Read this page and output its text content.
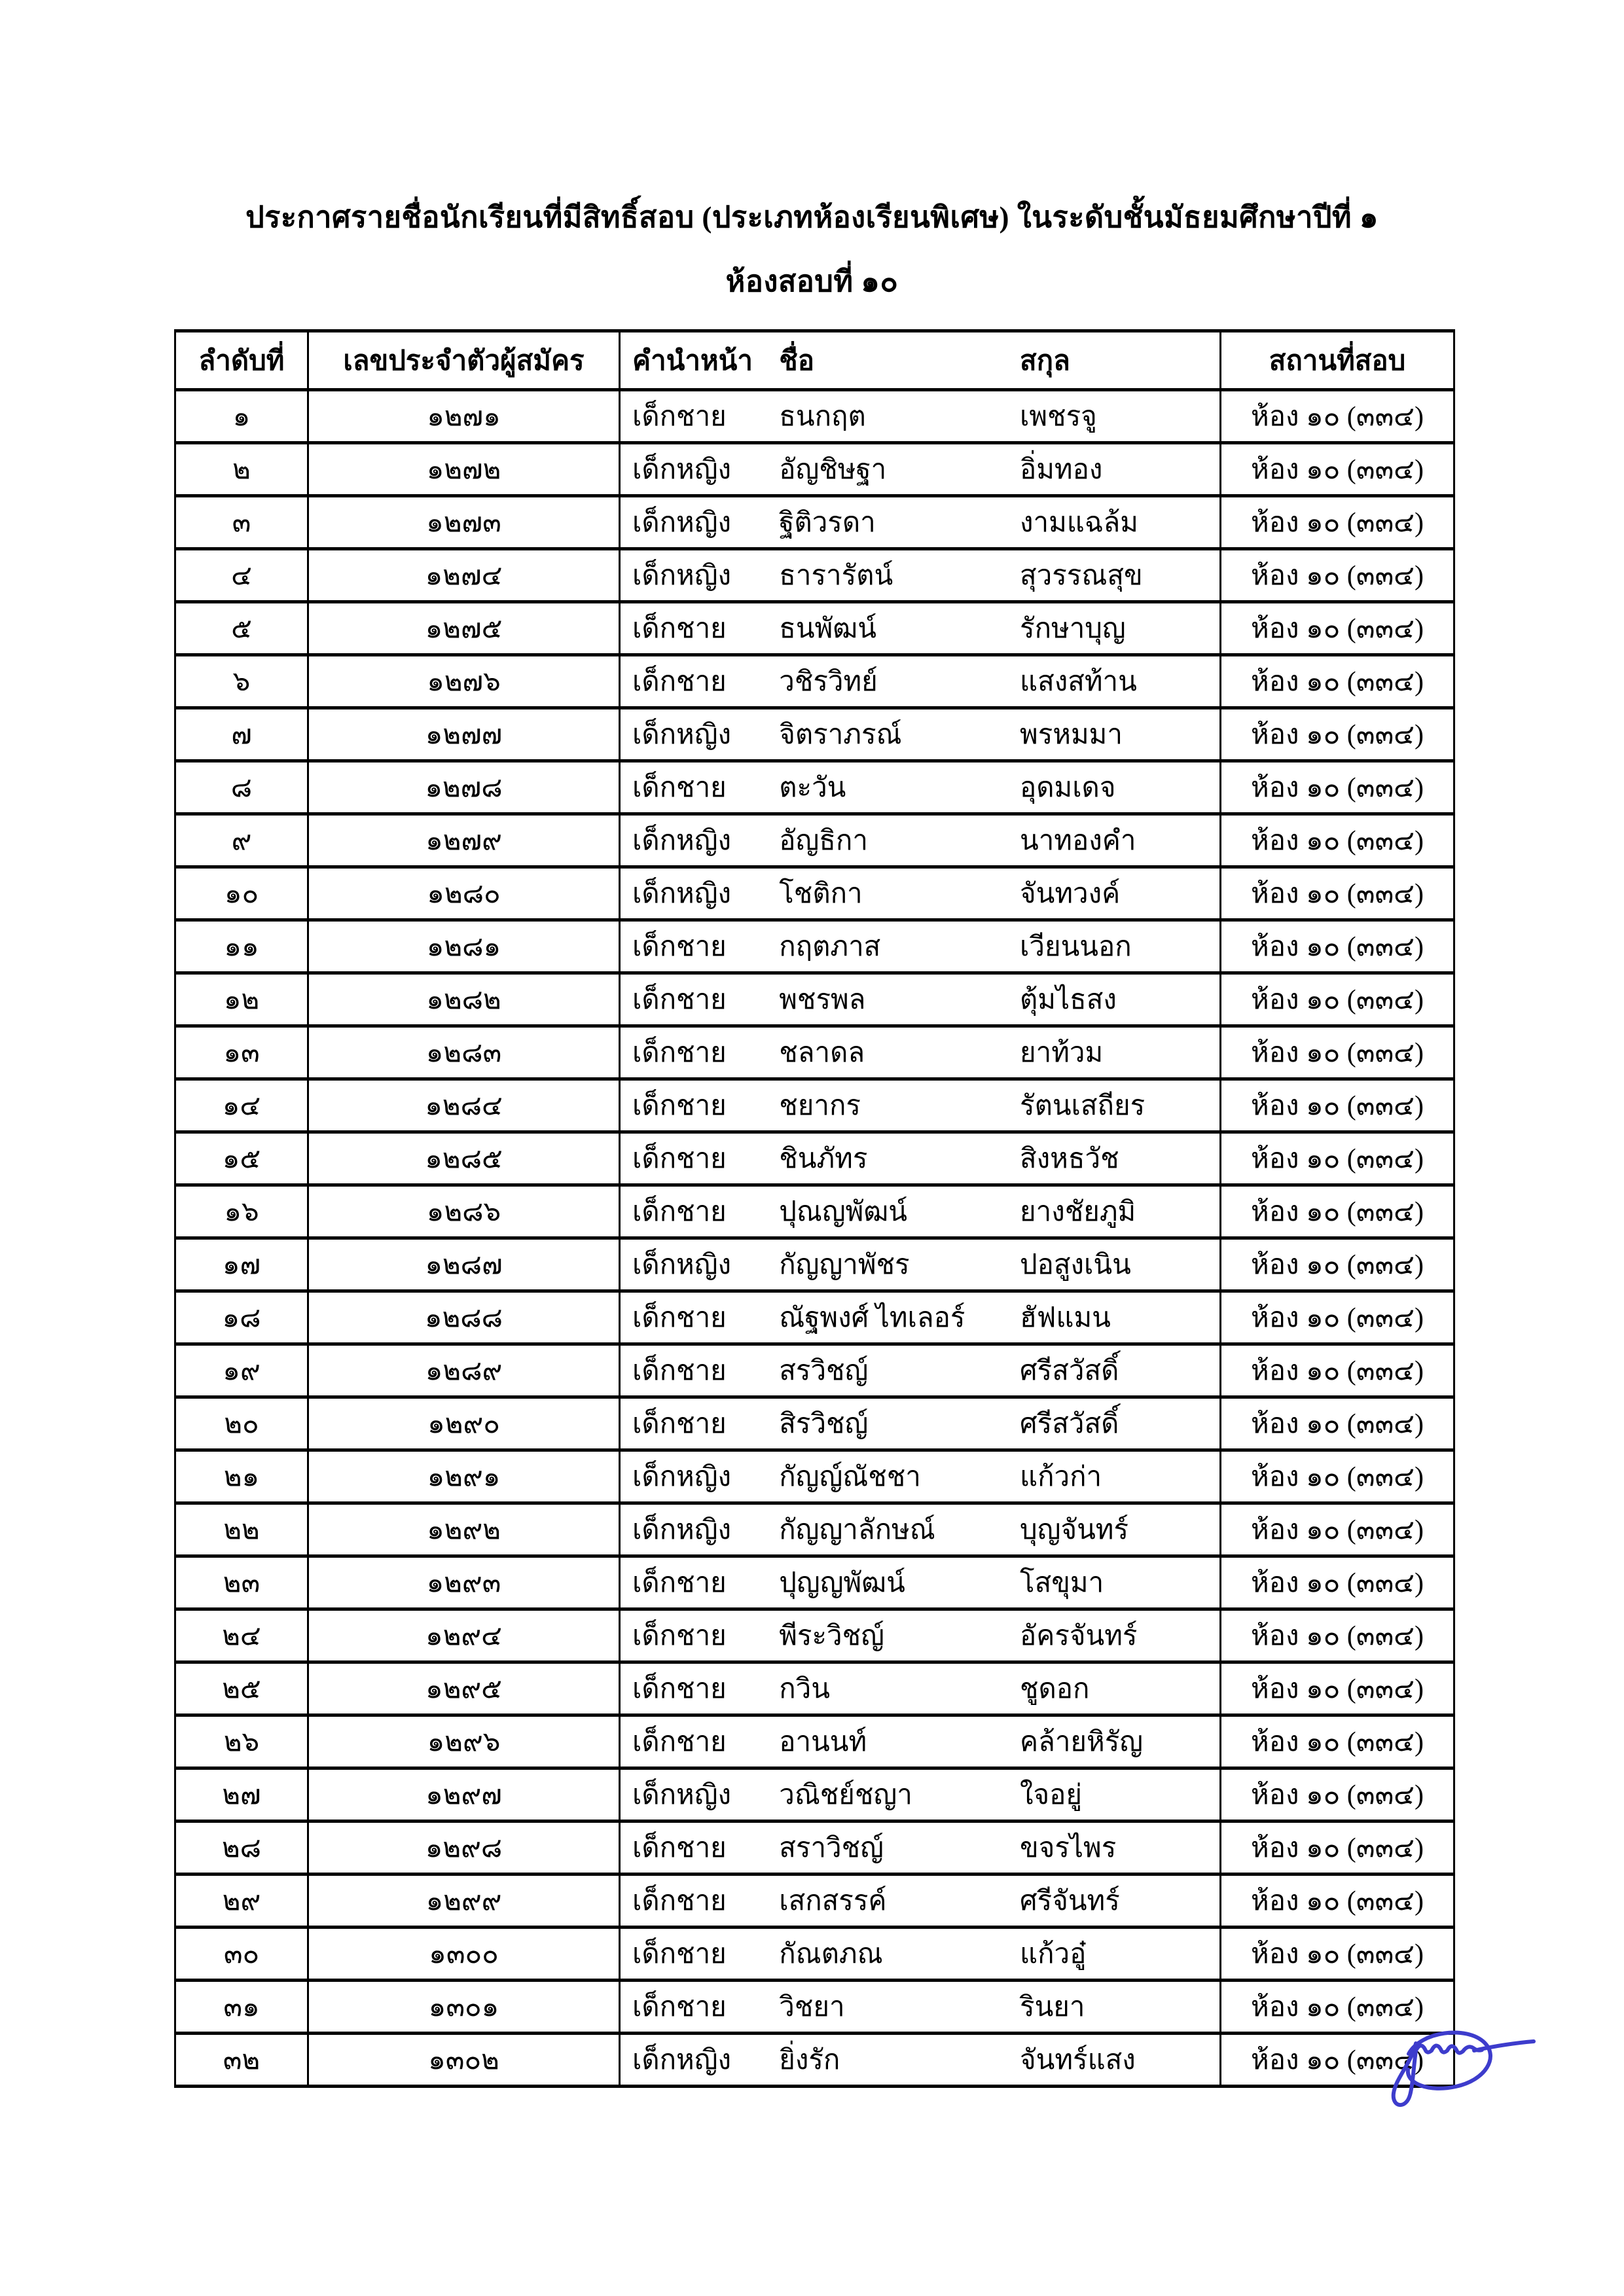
ประกาศรายชื่อนักเรียนที่มีสิทธิ์สอบ (ประเภทห้องเรียนพิเศษ) ในระดับชั้นมัธยมศึกษาปีที่ ๑
ห้องสอบที่ ๑๐
ลำดับที่	เลขประจำตัวผู้สมัคร	คำนำหน้า ชื่อ สกุล	สถานที่สอบ
๑	๑๒๗๑	เด็กชาย ธนกฤต เพชรจู	ห้อง ๑๐ (๓๓๔)
๒	๑๒๗๒	เด็กหญิง อัญชิษฐา อิ่มทอง	ห้อง ๑๐ (๓๓๔)
๓	๑๒๗๓	เด็กหญิง ฐิติวรดา งามแฉล้ม	ห้อง ๑๐ (๓๓๔)
๔	๑๒๗๔	เด็กหญิง ธารารัตน์ สุวรรณสุข	ห้อง ๑๐ (๓๓๔)
๕	๑๒๗๕	เด็กชาย ธนพัฒน์ รักษาบุญ	ห้อง ๑๐ (๓๓๔)
๖	๑๒๗๖	เด็กชาย วชิรวิทย์ แสงสท้าน	ห้อง ๑๐ (๓๓๔)
๗	๑๒๗๗	เด็กหญิง จิตราภรณ์ พรหมมา	ห้อง ๑๐ (๓๓๔)
๘	๑๒๗๘	เด็กชาย ตะวัน อุดมเดจ	ห้อง ๑๐ (๓๓๔)
๙	๑๒๗๙	เด็กหญิง อัญธิกา นาทองคำ	ห้อง ๑๐ (๓๓๔)
๑๐	๑๒๘๐	เด็กหญิง โชติกา จันทวงค์	ห้อง ๑๐ (๓๓๔)
๑๑	๑๒๘๑	เด็กชาย กฤตภาส เวียนนอก	ห้อง ๑๐ (๓๓๔)
๑๒	๑๒๘๒	เด็กชาย พชรพล ตุ้มไธสง	ห้อง ๑๐ (๓๓๔)
๑๓	๑๒๘๓	เด็กชาย ชลาดล ยาท้วม	ห้อง ๑๐ (๓๓๔)
๑๔	๑๒๘๔	เด็กชาย ชยากร รัตนเสถียร	ห้อง ๑๐ (๓๓๔)
๑๕	๑๒๘๕	เด็กชาย ชินภัทร สิงหธวัช	ห้อง ๑๐ (๓๓๔)
๑๖	๑๒๘๖	เด็กชาย ปุณญพัฒน์ ยางชัยภูมิ	ห้อง ๑๐ (๓๓๔)
๑๗	๑๒๘๗	เด็กหญิง กัญญาพัชร ปอสูงเนิน	ห้อง ๑๐ (๓๓๔)
๑๘	๑๒๘๘	เด็กชาย ณัฐพงศ์ ไทเลอร์ ฮัฟแมน	ห้อง ๑๐ (๓๓๔)
๑๙	๑๒๘๙	เด็กชาย สรวิชญ์ ศรีสวัสดิ์	ห้อง ๑๐ (๓๓๔)
๒๐	๑๒๙๐	เด็กชาย สิรวิชญ์ ศรีสวัสดิ์	ห้อง ๑๐ (๓๓๔)
๒๑	๑๒๙๑	เด็กหญิง กัญญ์ณัชชา แก้วก่า	ห้อง ๑๐ (๓๓๔)
๒๒	๑๒๙๒	เด็กหญิง กัญญาลักษณ์ บุญจันทร์	ห้อง ๑๐ (๓๓๔)
๒๓	๑๒๙๓	เด็กชาย ปุญญพัฒน์ โสขุมา	ห้อง ๑๐ (๓๓๔)
๒๔	๑๒๙๔	เด็กชาย พีระวิชญ์ อัครจันทร์	ห้อง ๑๐ (๓๓๔)
๒๕	๑๒๙๕	เด็กชาย กวิน ชูดอก	ห้อง ๑๐ (๓๓๔)
๒๖	๑๒๙๖	เด็กชาย อานนท์ คล้ายหิรัญ	ห้อง ๑๐ (๓๓๔)
๒๗	๑๒๙๗	เด็กหญิง วณิชย์ชญา ใจอยู่	ห้อง ๑๐ (๓๓๔)
๒๘	๑๒๙๘	เด็กชาย สราวิชญ์ ขจรไพร	ห้อง ๑๐ (๓๓๔)
๒๙	๑๒๙๙	เด็กชาย เสกสรรค์ ศรีจันทร์	ห้อง ๑๐ (๓๓๔)
๓๐	๑๓๐๐	เด็กชาย กัณตภณ แก้วอู๋	ห้อง ๑๐ (๓๓๔)
๓๑	๑๓๐๑	เด็กชาย วิชยา รินยา	ห้อง ๑๐ (๓๓๔)
๓๒	๑๓๐๒	เด็กหญิง ยิ่งรัก จันทร์แสง	ห้อง ๑๐ (๓๓๔)
